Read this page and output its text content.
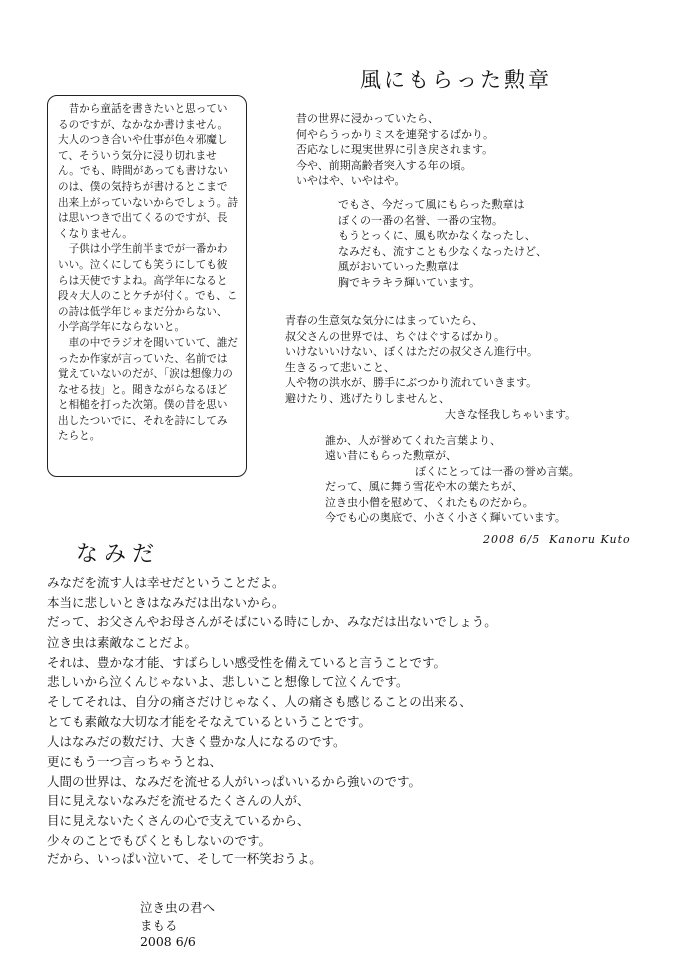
昔から童話を書きたいと思っているのですが、なかなか書けません。大人のつき合いや仕事が色々邪魔して、そういう気分に浸り切れません。でも、時間があっても書けないのは、僕の気持ちが書けるとこまで出来上がっていないからでしょう。詩は思いつきで出てくるのですが、長くなりません。

子供は小学生前半までが一番かわいい。泣くにしても笑うにしても彼らは天使ですよね。高学年になると段々大人のことケチが付く。でも、この詩は低学年じゃまだ分からない、小学高学年にならないと。

車の中でラジオを聞いていて、誰だったか作家が言っていた、名前では覚えていないのだが、「涙は想像力のなせる技」と。聞きながらなるほどと相槌を打った次第。僕の昔を思い出したついでに、それを詩にしてみたらと。

風にもらった勲章
昔の世界に浸かっていたら、
何やらうっかりミスを連発するばかり。
否応なしに現実世界に引き戻されます。
今や、前期高齢者突入する年の頃。
いやはや、いやはや。
でもさ、今だって風にもらった勲章は
ぼくの一番の名誉、一番の宝物。
もうとっくに、風も吹かなくなったし、
なみだも、流すことも少なくなったけど、
風がおいていった勲章は
胸でキラキラ輝いています。
青春の生意気な気分にはまっていたら、
叔父さんの世界では、ちぐはぐするばかり。
いけないいけない、ぼくはただの叔父さん進行中。
生きるって悲いこと、
人や物の洪水が、勝手にぶつかり流れていきます。
避けたり、逃げたりしませんと、
大きな怪我しちゃいます。
誰か、人が誉めてくれた言葉より、
遠い昔にもらった勲章が、
ぼくにとっては一番の誉め言葉。
だって、風に舞う雪花や木の葉たちが、
泣き虫小僧を慰めて、くれたものだから。
今でも心の奥底で、小さく小さく輝いています。
2008 6/5  Kanoru Kuto
なみだ
みなだを流す人は幸せだということだよ。
本当に悲しいときはなみだは出ないから。
だって、お父さんやお母さんがそばにいる時にしか、みなだは出ないでしょう。
泣き虫は素敵なことだよ。
それは、豊かな才能、すばらしい感受性を備えていると言うことです。
悲しいから泣くんじゃないよ、悲しいこと想像して泣くんです。
そしてそれは、自分の痛さだけじゃなく、人の痛さも感じることの出来る、
とても素敵な大切な才能をそなえているということです。
人はなみだの数だけ、大きく豊かな人になるのです。
更にもう一つ言っちゃうとね、
人間の世界は、なみだを流せる人がいっぱいいるから強いのです。
目に見えないなみだを流せるたくさんの人が、
目に見えないたくさんの心で支えているから、
少々のことでもびくともしないのです。
だから、いっぱい泣いて、そして一杯笑おうよ。

泣き虫の君へ
まもる
2008 6/6
